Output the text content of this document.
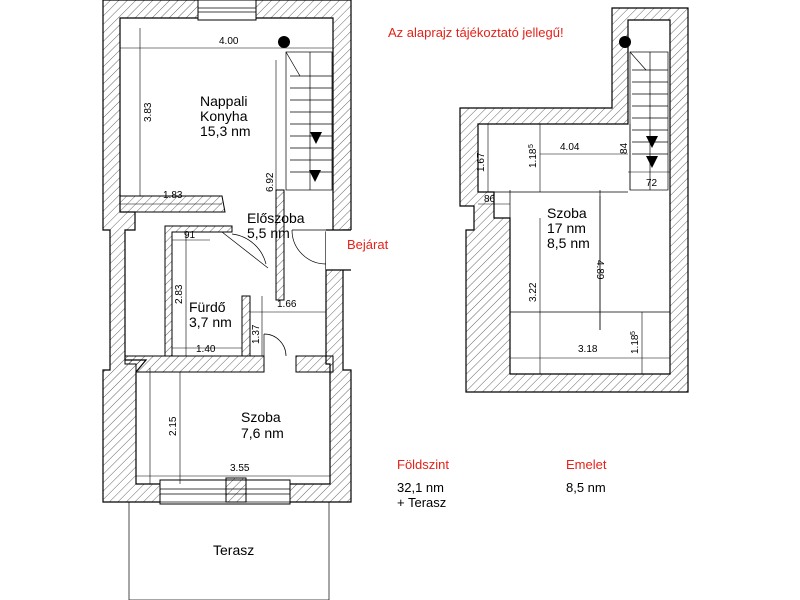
Az alaprajz tájékoztató jellegű!
Nappali
Konyha
15,3 nm
Előszoba
5,5 nm
Bejárat
Fürdő
3,7 nm
Szoba
7,6 nm
Terasz
4.00
3.83
1.83
6.92
91
2.83
1.40
1.66
1.37
2.15
3.55	Földszint
32,1 nm
+ Terasz
Szoba
17 nm
8,5 nm
1.67	1.18
5	4.04	84
72
86
4.89
3.22
3.18	1.18
5
Emelet
8,5 nm
